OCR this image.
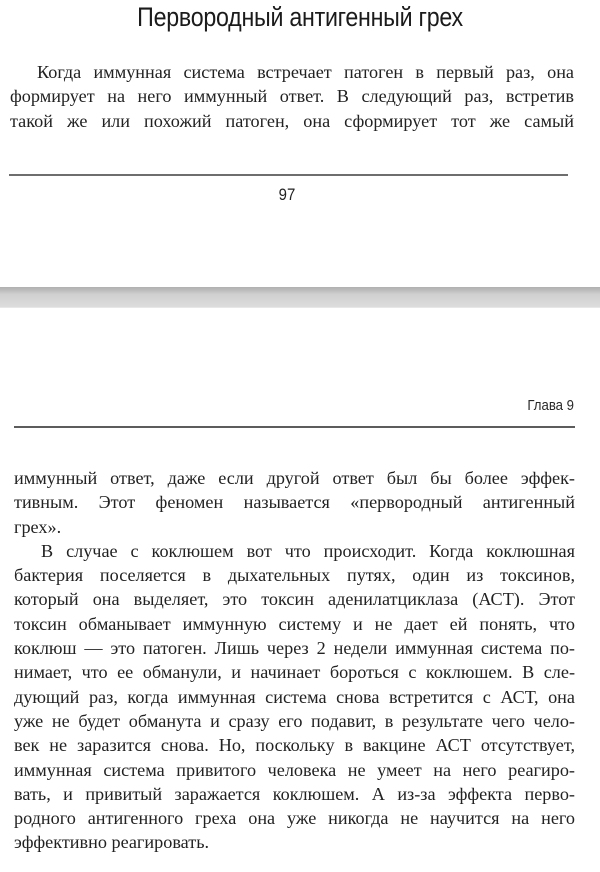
Первородный антигенный грех
Когда иммунная система встречает патоген в первый раз, она
формирует на него иммунный ответ. В следующий раз, встретив
такой же или похожий патоген, она сформирует тот же самый
97
Глава 9
иммунный ответ, даже если другой ответ был бы более эффек-
тивным. Этот феномен называется «первородный антигенный
грех».
В случае с коклюшем вот что происходит. Когда коклюшная
бактерия поселяется в дыхательных путях, один из токсинов,
который она выделяет, это токсин аденилатциклаза (АСТ). Этот
токсин обманывает иммунную систему и не дает ей понять, что
коклюш — это патоген. Лишь через 2 недели иммунная система по-
нимает, что ее обманули, и начинает бороться с коклюшем. В сле-
дующий раз, когда иммунная система снова встретится с АСТ, она
уже не будет обманута и сразу его подавит, в результате чего чело-
век не заразится снова. Но, поскольку в вакцине АСТ отсутствует,
иммунная система привитого человека не умеет на него реагиро-
вать, и привитый заражается коклюшем. А из-за эффекта перво-
родного антигенного греха она уже никогда не научится на него
эффективно реагировать.
